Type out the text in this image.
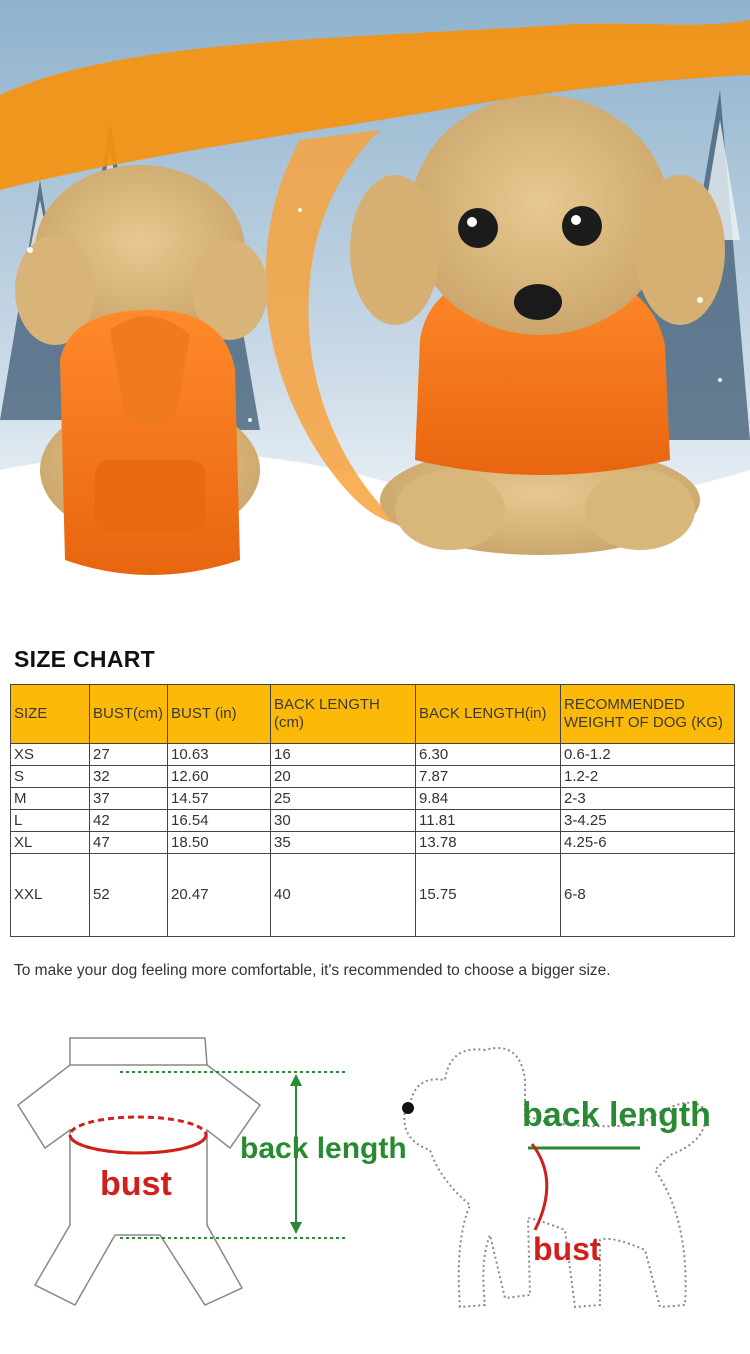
SIZE CHART
SIZE	BUST(cm)	BUST (in)	BACK LENGTH (cm)	BACK LENGTH(in)	RECOMMENDED WEIGHT OF DOG (KG)
XS	27	10.63	16	6.30	0.6-1.2
S	32	12.60	20	7.87	1.2-2
M	37	14.57	25	9.84	2-3
L	42	16.54	30	11.81	3-4.25
XL	47	18.50	35	13.78	4.25-6
XXL	52	20.47	40	15.75	6-8

To make your dog feeling more comfortable, it's recommended to choose a bigger size.

bust
back length
back length
bust
